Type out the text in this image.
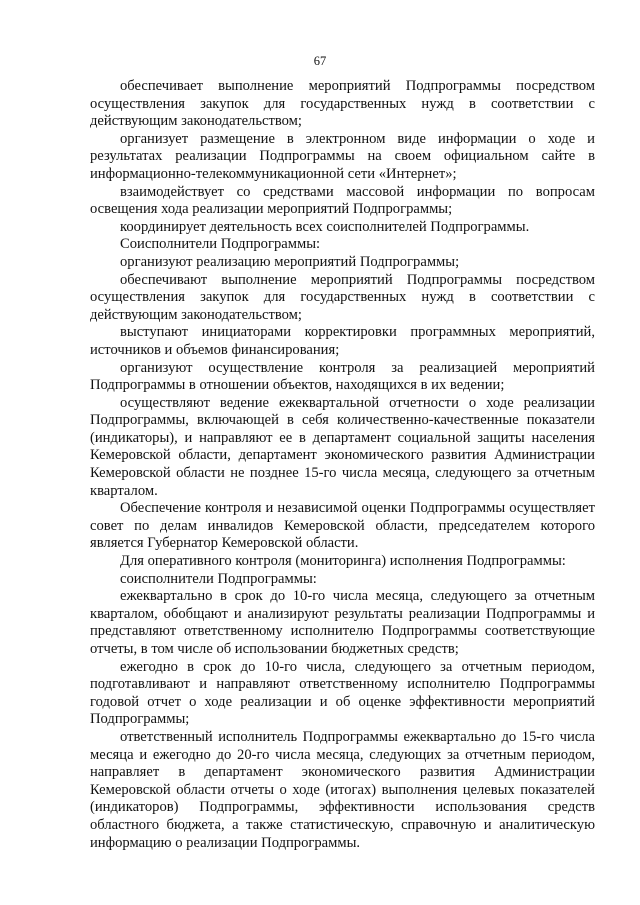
67

обеспечивает выполнение мероприятий Подпрограммы посредством осуществления закупок для государственных нужд в соответствии с действующим законодательством;

организует размещение в электронном виде информации о ходе и результатах реализации Подпрограммы на своем официальном сайте в информационно-телекоммуникационной сети «Интернет»;

взаимодействует со средствами массовой информации по вопросам освещения хода реализации мероприятий Подпрограммы;

координирует деятельность всех соисполнителей Подпрограммы.

Соисполнители Подпрограммы:

организуют реализацию мероприятий Подпрограммы;

обеспечивают выполнение мероприятий Подпрограммы посредством осуществления закупок для государственных нужд в соответствии с действующим законодательством;

выступают инициаторами корректировки программных мероприятий, источников и объемов финансирования;

организуют осуществление контроля за реализацией мероприятий Подпрограммы в отношении объектов, находящихся в их ведении;

осуществляют ведение ежеквартальной отчетности о ходе реализации Подпрограммы, включающей в себя количественно-качественные показатели (индикаторы), и направляют ее в департамент социальной защиты населения Кемеровской области, департамент экономического развития Администрации Кемеровской области не позднее 15-го числа месяца, следующего за отчетным кварталом.

Обеспечение контроля и независимой оценки Подпрограммы осуществляет совет по делам инвалидов Кемеровской области, председателем которого является Губернатор Кемеровской области.

Для оперативного контроля (мониторинга) исполнения Подпрограммы:

соисполнители Подпрограммы:

ежеквартально в срок до 10-го числа месяца, следующего за отчетным кварталом, обобщают и анализируют результаты реализации Подпрограммы и представляют ответственному исполнителю Подпрограммы соответствующие отчеты, в том числе об использовании бюджетных средств;

ежегодно в срок до 10-го числа, следующего за отчетным периодом, подготавливают и направляют ответственному исполнителю Подпрограммы годовой отчет о ходе реализации и об оценке эффективности мероприятий Подпрограммы;

ответственный исполнитель Подпрограммы ежеквартально до 15-го числа месяца и ежегодно до 20-го числа месяца, следующих за отчетным периодом, направляет в департамент экономического развития Администрации Кемеровской области отчеты о ходе (итогах) выполнения целевых показателей (индикаторов) Подпрограммы, эффективности использования средств областного бюджета, а также статистическую, справочную и аналитическую информацию о реализации Подпрограммы.
